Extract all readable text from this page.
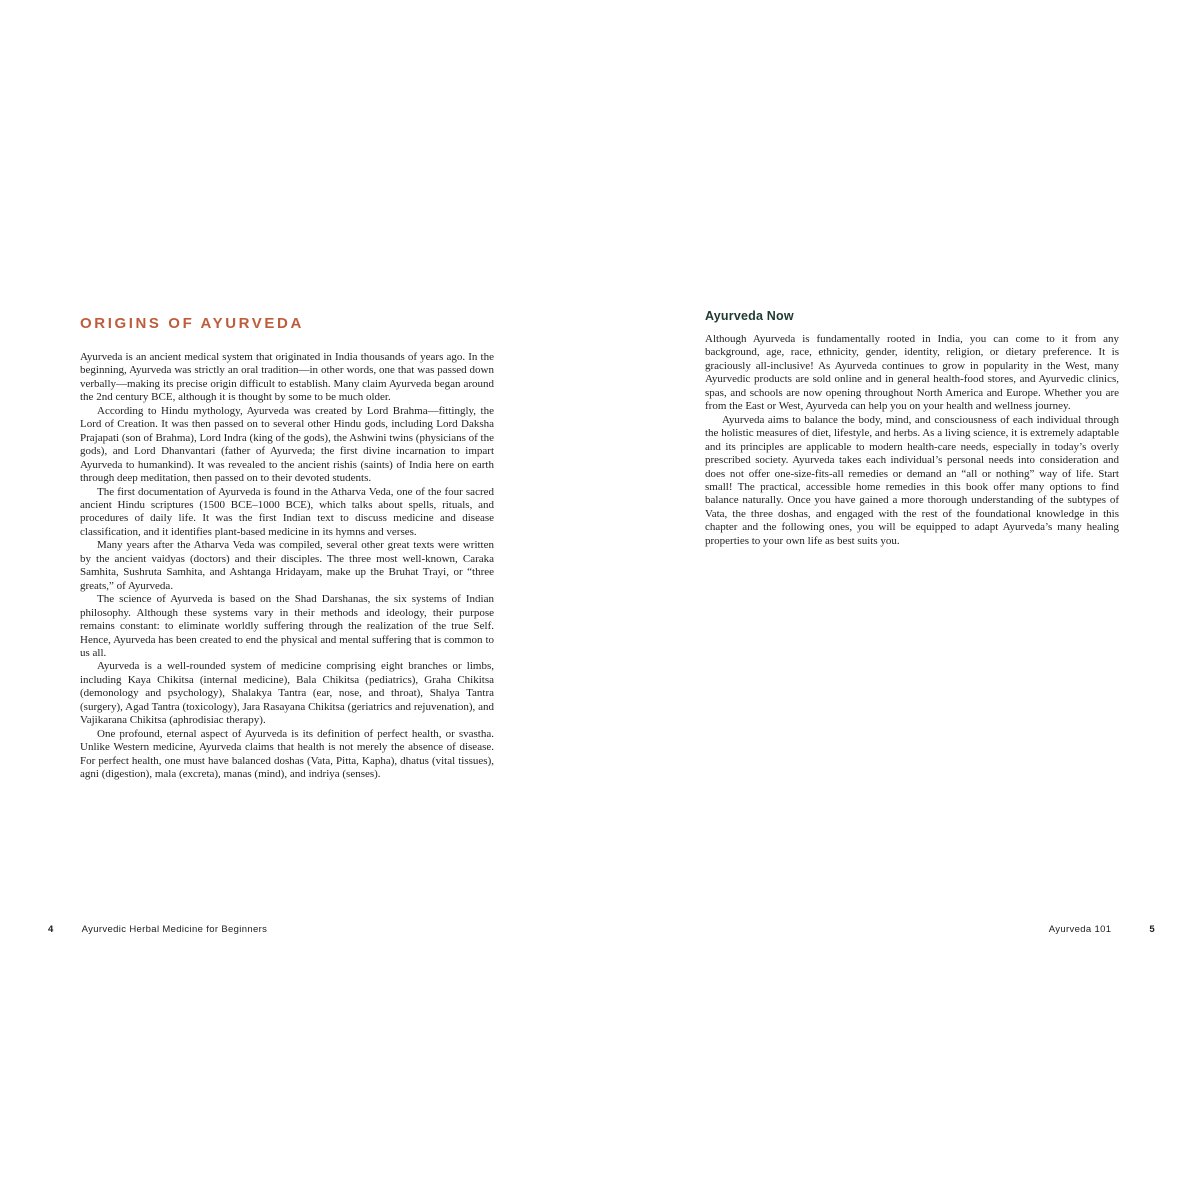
ORIGINS OF AYURVEDA

Ayurveda is an ancient medical system that originated in India thousands of years ago. In the beginning, Ayurveda was strictly an oral tradition—in other words, one that was passed down verbally—making its precise origin difficult to establish. Many claim Ayurveda began around the 2nd century BCE, although it is thought by some to be much older.

According to Hindu mythology, Ayurveda was created by Lord Brahma—fittingly, the Lord of Creation. It was then passed on to several other Hindu gods, including Lord Daksha Prajapati (son of Brahma), Lord Indra (king of the gods), the Ashwini twins (physicians of the gods), and Lord Dhanvantari (father of Ayurveda; the first divine incarnation to impart Ayurveda to humankind). It was revealed to the ancient rishis (saints) of India here on earth through deep meditation, then passed on to their devoted students.

The first documentation of Ayurveda is found in the Atharva Veda, one of the four sacred ancient Hindu scriptures (1500 BCE–1000 BCE), which talks about spells, rituals, and procedures of daily life. It was the first Indian text to discuss medicine and disease classification, and it identifies plant-based medicine in its hymns and verses.

Many years after the Atharva Veda was compiled, several other great texts were written by the ancient vaidyas (doctors) and their disciples. The three most well-known, Caraka Samhita, Sushruta Samhita, and Ashtanga Hridayam, make up the Bruhat Trayi, or “three greats,” of Ayurveda.

The science of Ayurveda is based on the Shad Darshanas, the six systems of Indian philosophy. Although these systems vary in their methods and ideology, their purpose remains constant: to eliminate worldly suffering through the realization of the true Self. Hence, Ayurveda has been created to end the physical and mental suffering that is common to us all.

Ayurveda is a well-rounded system of medicine comprising eight branches or limbs, including Kaya Chikitsa (internal medicine), Bala Chikitsa (pediatrics), Graha Chikitsa (demonology and psychology), Shalakya Tantra (ear, nose, and throat), Shalya Tantra (surgery), Agad Tantra (toxicology), Jara Rasayana Chikitsa (geriatrics and rejuvenation), and Vajikarana Chikitsa (aphrodisiac therapy).

One profound, eternal aspect of Ayurveda is its definition of perfect health, or svastha. Unlike Western medicine, Ayurveda claims that health is not merely the absence of disease. For perfect health, one must have balanced doshas (Vata, Pitta, Kapha), dhatus (vital tissues), agni (digestion), mala (excreta), manas (mind), and indriya (senses).

Ayurveda Now

Although Ayurveda is fundamentally rooted in India, you can come to it from any background, age, race, ethnicity, gender, identity, religion, or dietary preference. It is graciously all-inclusive! As Ayurveda continues to grow in popularity in the West, many Ayurvedic products are sold online and in general health-food stores, and Ayurvedic clinics, spas, and schools are now opening throughout North America and Europe. Whether you are from the East or West, Ayurveda can help you on your health and wellness journey.

Ayurveda aims to balance the body, mind, and consciousness of each individual through the holistic measures of diet, lifestyle, and herbs. As a living science, it is extremely adaptable and its principles are applicable to modern health-care needs, especially in today’s overly prescribed society. Ayurveda takes each individual’s personal needs into consideration and does not offer one-size-fits-all remedies or demand an “all or nothing” way of life. Start small! The practical, accessible home remedies in this book offer many options to find balance naturally. Once you have gained a more thorough understanding of the subtypes of Vata, the three doshas, and engaged with the rest of the foundational knowledge in this chapter and the following ones, you will be equipped to adapt Ayurveda’s many healing properties to your own life as best suits you.

4	Ayurvedic Herbal Medicine for Beginners	Ayurveda 101	5
